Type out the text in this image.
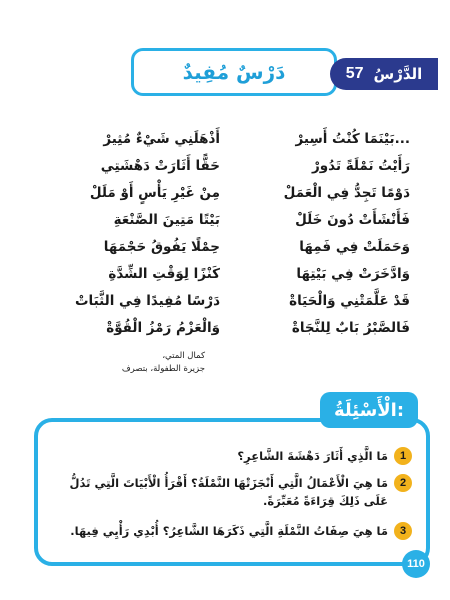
دَرْسٌ مُفِيدٌ	الدَّرْسُ
57
...بَيْنَمَا كُنْتُ أَسِيرْ
أَذْهَلَنِي شَيْءٌ مُثِيرْ
رَأَيْتُ نَمْلَةً تَدُورْ
حَقًّا أَثَارَتْ دَهْشَتِي
دَوْمًا تَجِدُّ فِي الْعَمَلْ
مِنْ غَيْرِ يَأْسٍ أَوْ مَلَلْ
فَأَنْشَأَتْ دُونَ خَلَلْ
بَيْتًا مَتِينَ الصَّنْعَةِ
وَحَمَلَتْ فِي فَمِهَا
حِمْلًا يَفُوقُ حَجْمَهَا
وَادَّخَرَتْ فِي بَيْتِهَا
كَنْزًا لِوَقْتِ الشِّدَّةِ
قَدْ عَلَّمَتْنِي وَالْحَيَاةْ
دَرْسًا مُفِيدًا فِي الثَّبَاتْ
فَالصَّبْرُ بَابٌ لِلنَّجَاةْ
وَالْعَزْمُ رَمْزُ الْقُوَّةْ
كمال المتي،
جزيرة الطفولة، بتصرف
الْأَسْئِلَةُ:
1
مَا الَّذِي أَثَارَ دَهْشَةَ الشَّاعِرِ؟
2
مَا هِيَ الْأَعْمَالُ الَّتِي أَنْجَزَتْهَا النَّمْلَةُ؟ أَقْرَأُ الْأَبْيَاتَ الَّتِي تَدُلُّ عَلَى ذَلِكَ قِرَاءَةً مُعَبِّرَةً.
3
مَا هِيَ صِفَاتُ النَّمْلَةِ الَّتِي ذَكَرَهَا الشَّاعِرُ؟ أُبْدِي رَأْيِي فِيهَا.
110
